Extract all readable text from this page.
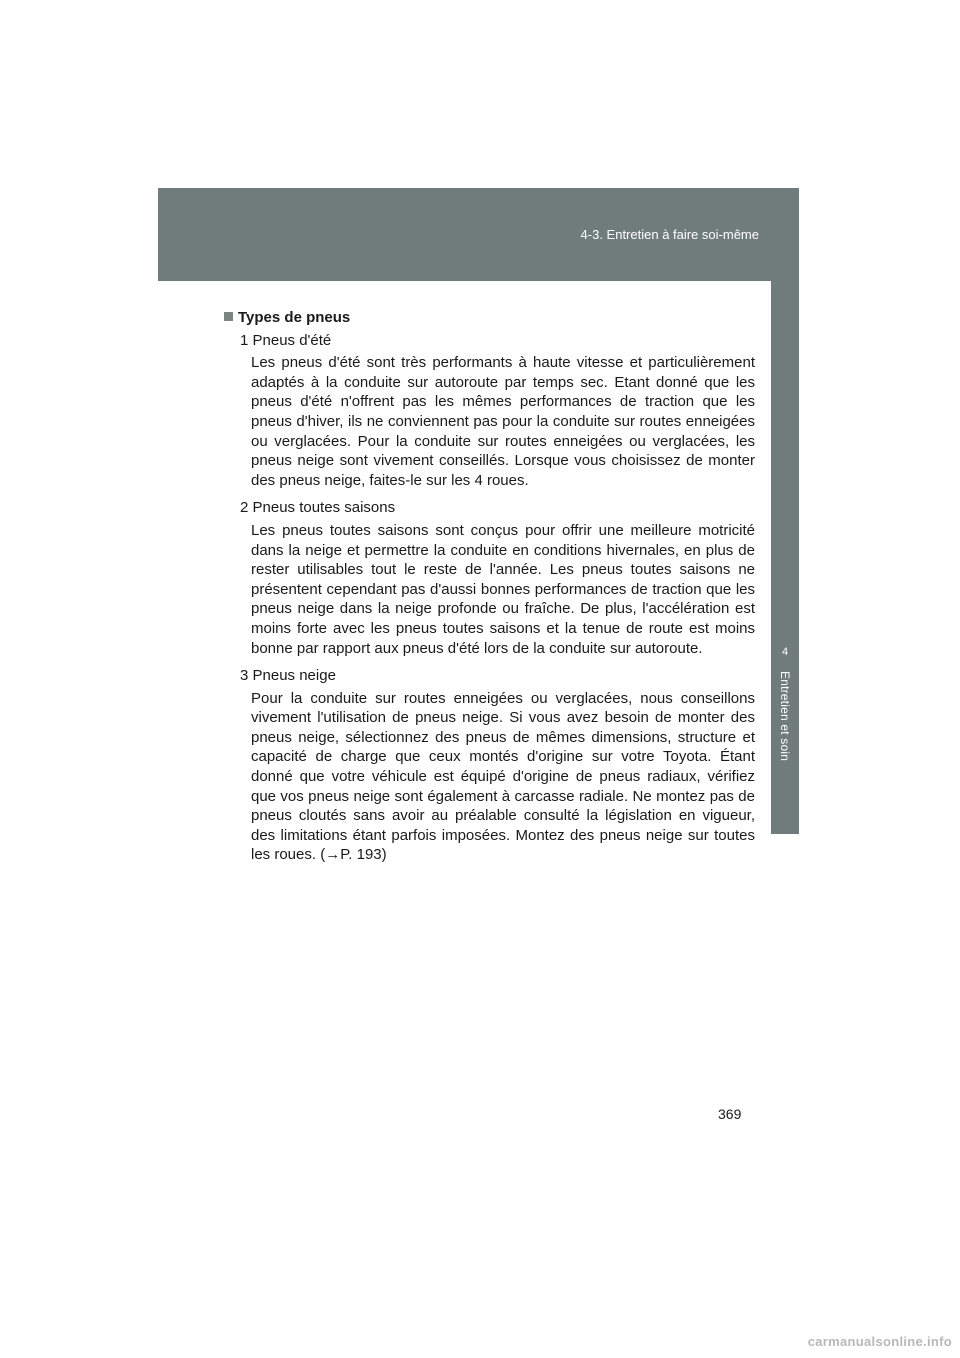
4-3. Entretien à faire soi-même
4
Entretien et soin

Types de pneus

1 Pneus d'été

Les pneus d'été sont très performants à haute vitesse et particulièrement adaptés à la conduite sur autoroute par temps sec. Etant donné que les pneus d'été n'offrent pas les mêmes performances de traction que les pneus d'hiver, ils ne conviennent pas pour la conduite sur routes enneigées ou verglacées. Pour la conduite sur routes enneigées ou verglacées, les pneus neige sont vivement conseillés. Lorsque vous choisissez de monter des pneus neige, faites-le sur les 4 roues.

2 Pneus toutes saisons

Les pneus toutes saisons sont conçus pour offrir une meilleure motricité dans la neige et permettre la conduite en conditions hivernales, en plus de rester utilisables tout le reste de l'année. Les pneus toutes saisons ne présentent cependant pas d'aussi bonnes performances de traction que les pneus neige dans la neige profonde ou fraîche. De plus, l'accélération est moins forte avec les pneus toutes saisons et la tenue de route est moins bonne par rapport aux pneus d'été lors de la conduite sur autoroute.

3 Pneus neige

Pour la conduite sur routes enneigées ou verglacées, nous conseillons vivement l'utilisation de pneus neige. Si vous avez besoin de monter des pneus neige, sélectionnez des pneus de mêmes dimensions, structure et capacité de charge que ceux montés d'origine sur votre Toyota. Étant donné que votre véhicule est équipé d'origine de pneus radiaux, vérifiez que vos pneus neige sont également à carcasse radiale. Ne montez pas de pneus cloutés sans avoir au préalable consulté la législation en vigueur, des limitations étant parfois imposées. Montez des pneus neige sur toutes les roues. (→P. 193)

369
carmanualsonline.info
